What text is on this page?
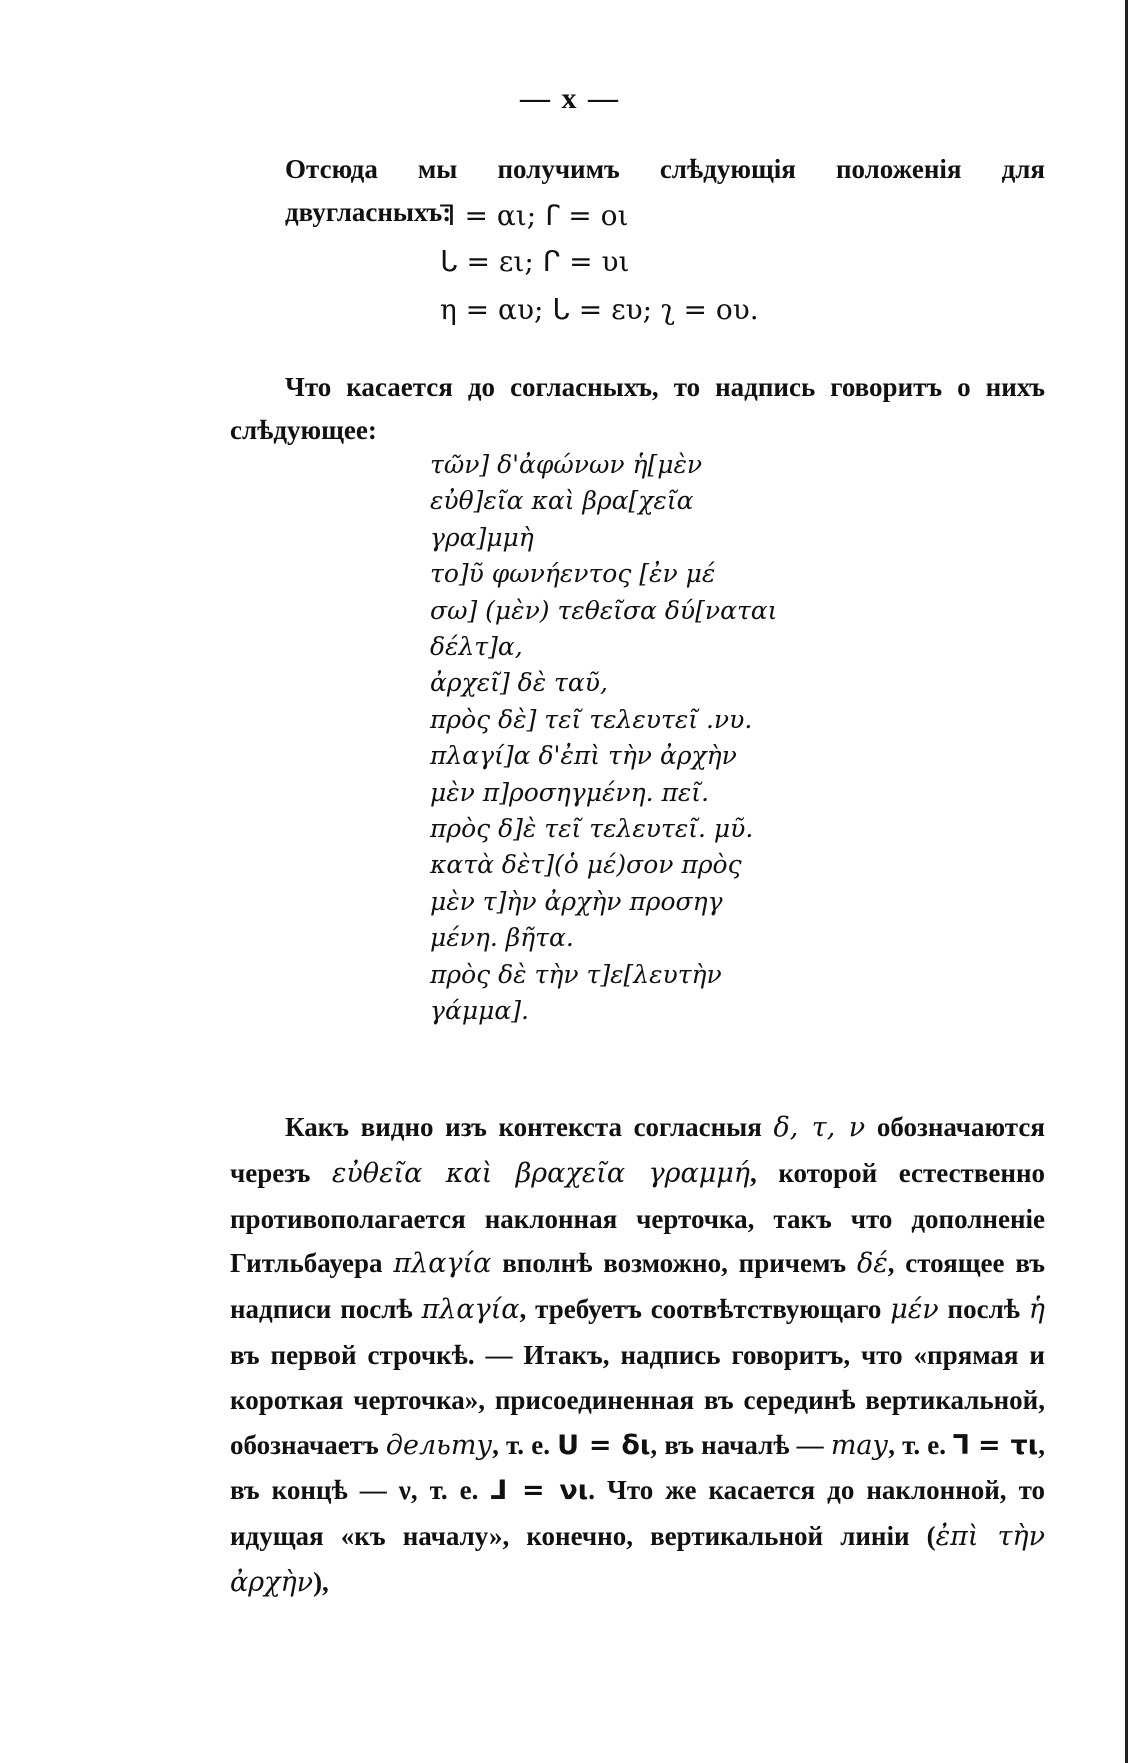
— x —
Отсюда мы получимъ слѣдующія положенія для двугласныхъ:
ꓶ = αι; ꓩ = οι
ᒐ = ει; ᒋ = υι
η = αυ; ᒐ = ευ; ʅ = ου.
Что касается до согласныхъ, то надпись говоритъ о нихъ слѣдующее:
τῶν] δ'ἀφώνων ἡ[μὲν
εὐθ]εῖα καὶ βρα[χεῖα
γρα]μμὴ
το]ῦ φωνήεντος [ἐν μέ
σω] (μὲν) τεθεῖσα δύ[ναται
δέλτ]α,
ἀρχεῖ] δὲ ταῦ,
πρὸς δὲ] τεῖ τελευτεῖ .νυ.
πλαγί]α δ'ἐπὶ τὴν ἀρχὴν
μὲν π]ροσηγμένη. πεῖ.
πρὸς δ]ὲ τεῖ τελευτεῖ. μῦ.
κατὰ δὲτ](ὁ μέ)σον πρὸς
μὲν τ]ὴν ἀρχὴν προσηγ
μένη. βῆτα.
πρὸς δὲ τὴν τ]ε[λευτὴν
γάμμα].
Какъ видно изъ контекста согласныя δ, τ, ν обозначаются черезъ εὐθεῖα καὶ βραχεῖα γραμμή, которой естественно противополагается наклонная черточка, такъ что дополненіе Гитльбауера πλαγία вполнѣ возможно, причемъ δέ, стоящее въ надписи послѣ πλαγία, требуетъ соотвѣтствующаго μέν послѣ ἡ въ первой строчкѣ. — Итакъ, надпись говоритъ, что «прямая и короткая черточка», присоединенная въ серединѣ вертикальной, обозначаетъ дельту, т. е. ᑌ = δι, въ началѣ — тау, т. е. ꓶ = τι, въ концѣ — ν, т. е. ᒧ = νι. Что же касается до наклонной, то идущая «къ началу», конечно, вертикальной линіи (ἐπὶ τὴν ἀρχὴν),
